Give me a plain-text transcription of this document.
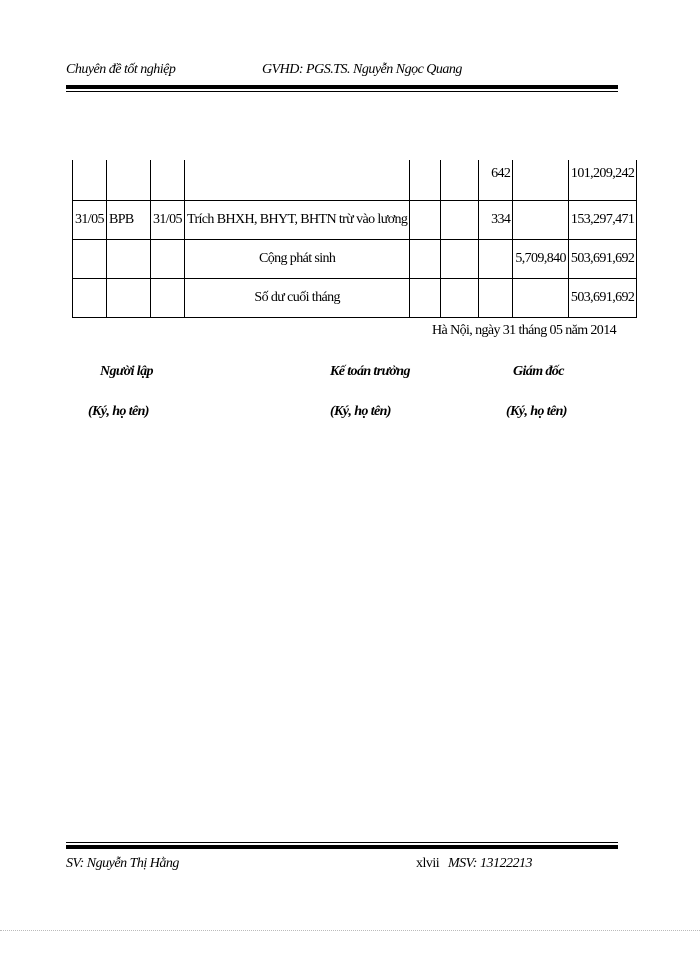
Chuyên đề tốt nghiệp	GVHD: PGS.TS. Nguyễn Ngọc Quang
						642		101,209,242
31/05	BPB	31/05	Trích BHXH, BHYT, BHTN trừ vào lương			334		153,297,471
			Cộng phát sinh				5,709,840	503,691,692
			Số dư cuối tháng					503,691,692
Hà Nội, ngày 31 tháng 05 năm 2014
Người lập	Kế toán trưởng	Giám đốc
(Ký, họ tên)	(Ký, họ tên)	(Ký, họ tên)
SV: Nguyễn Thị Hằng	xlvii MSV: 13122213
